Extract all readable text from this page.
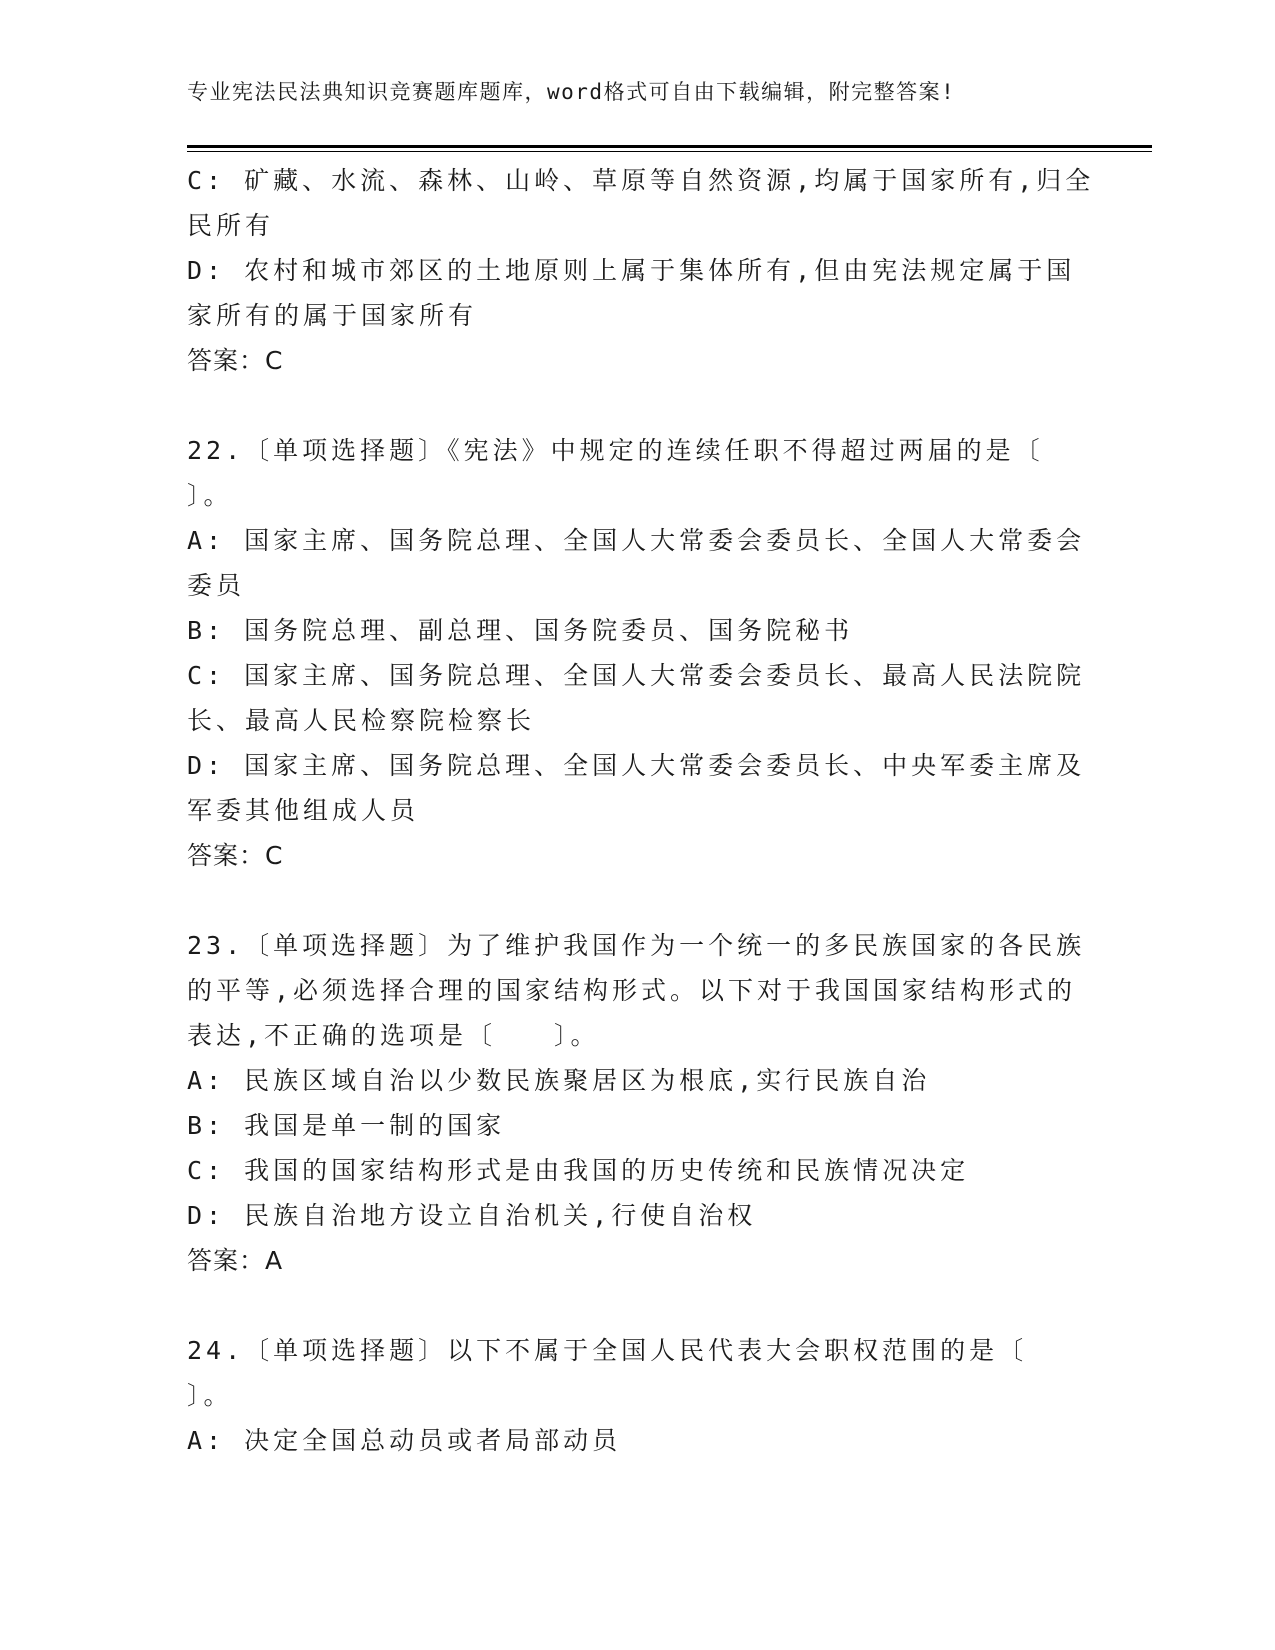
专业宪法民法典知识竞赛题库题库，word格式可自由下载编辑，附完整答案!
C: 矿藏、水流、森林、山岭、草原等自然资源,均属于国家所有,归全
民所有
D: 农村和城市郊区的土地原则上属于集体所有,但由宪法规定属于国
家所有的属于国家所有
答案：C
22.〔单项选择题〕《宪法》中规定的连续任职不得超过两届的是〔
〕。
A: 国家主席、国务院总理、全国人大常委会委员长、全国人大常委会
委员
B: 国务院总理、副总理、国务院委员、国务院秘书
C: 国家主席、国务院总理、全国人大常委会委员长、最高人民法院院
长、最高人民检察院检察长
D: 国家主席、国务院总理、全国人大常委会委员长、中央军委主席及
军委其他组成人员
答案：C
23.〔单项选择题〕为了维护我国作为一个统一的多民族国家的各民族
的平等,必须选择合理的国家结构形式。以下对于我国国家结构形式的
表达,不正确的选项是〔　　〕。
A: 民族区域自治以少数民族聚居区为根底,实行民族自治
B: 我国是单一制的国家
C: 我国的国家结构形式是由我国的历史传统和民族情况决定
D: 民族自治地方设立自治机关,行使自治权
答案：A
24.〔单项选择题〕以下不属于全国人民代表大会职权范围的是〔
〕。
A: 决定全国总动员或者局部动员
